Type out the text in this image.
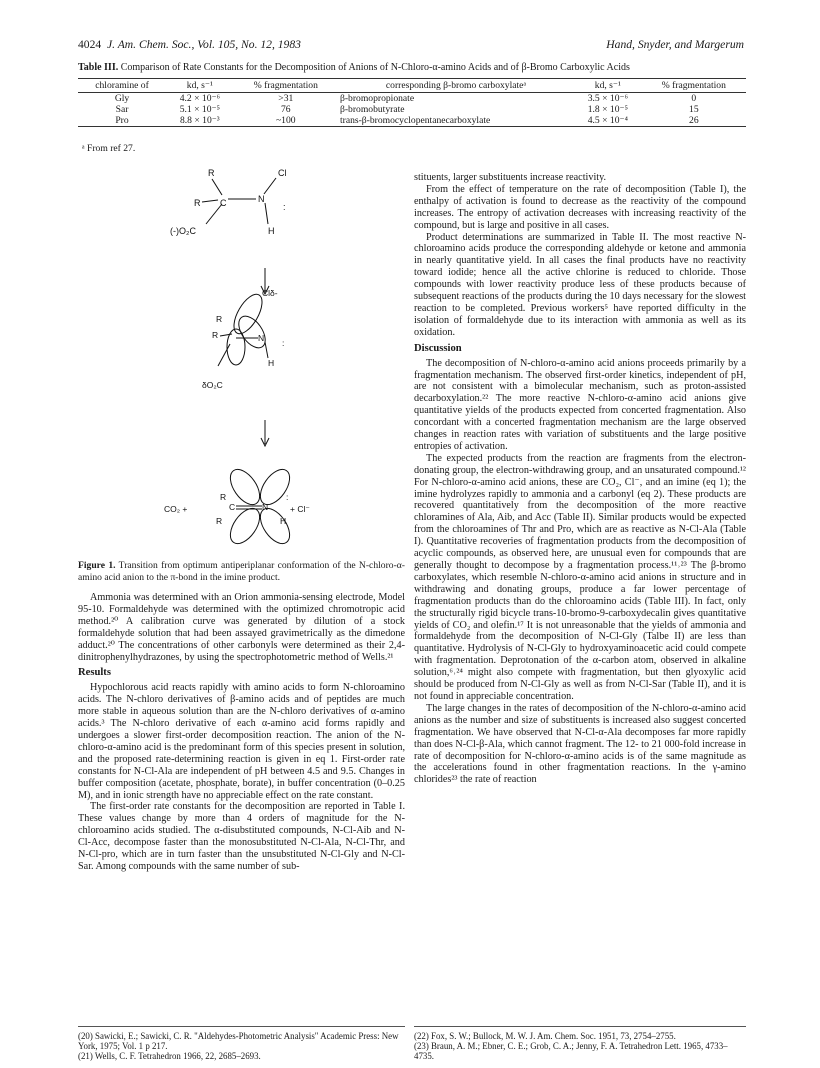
4024 J. Am. Chem. Soc., Vol. 105, No. 12, 1983	Hand, Snyder, and Margerum
Table III. Comparison of Rate Constants for the Decomposition of Anions of N-Chloro-α-amino Acids and of β-Bromo Carboxylic Acids
chloramine of	kd, s⁻¹	% fragmentation	corresponding β-bromo carboxylateᵃ	kd, s⁻¹	% fragmentation
Gly	4.2 × 10⁻⁶	>31	β-bromopropionate	3.5 × 10⁻⁶	0
Sar	5.1 × 10⁻⁵	76	β-bromobutyrate	1.8 × 10⁻⁵	15
Pro	8.8 × 10⁻³	~100	trans-β-bromocyclopentanecarboxylate	4.5 × 10⁻⁴	26
ᵃ From ref 27.
R	Cl
R C	N
:
(-)O₂C	H
Clδ-
R
R	N :
H
δO₂C
CO₂ +
R
R
C	N
:
+ Cl⁻
H
Figure 1. Transition from optimum antiperiplanar conformation of the N-chloro-α-amino acid anion to the π-bond in the imine product.

Ammonia was determined with an Orion ammonia-sensing electrode, Model 95-10. Formaldehyde was determined with the optimized chromotropic acid method.²⁰ A calibration curve was generated by dilution of a stock formaldehyde solution that had been assayed gravimetrically as the dimedone adduct.²⁰ The concentrations of other carbonyls were determined as their 2,4-dinitrophenylhydrazones, by using the spectrophotometric method of Wells.²¹

Results

Hypochlorous acid reacts rapidly with amino acids to form N-chloroamino acids. The N-chloro derivatives of β-amino acids and of peptides are much more stable in aqueous solution than are the N-chloro derivatives of α-amino acids.³ The N-chloro derivative of each α-amino acid forms rapidly and undergoes a slower first-order decomposition reaction. The anion of the N-chloro-α-amino acid is the predominant form of this species present in solution, and the proposed rate-determining reaction is given in eq 1. First-order rate constants for N-Cl-Ala are independent of pH between 4.5 and 9.5. Changes in buffer composition (acetate, phosphate, borate), in buffer concentration (0–0.25 M), and in ionic strength have no appreciable effect on the rate constant.

The first-order rate constants for the decomposition are reported in Table I. These values change by more than 4 orders of magnitude for the N-chloroamino acids studied. The α-disubstituted compounds, N-Cl-Aib and N-Cl-Acc, decompose faster than the monosubstituted N-Cl-Ala, N-Cl-Thr, and N-Cl-pro, which are in turn faster than the unsubstituted N-Cl-Gly and N-Cl-Sar. Among compounds with the same number of sub-

stituents, larger substituents increase reactivity.

From the effect of temperature on the rate of decomposition (Table I), the enthalpy of activation is found to decrease as the reactivity of the compound increases. The entropy of activation decreases with increasing reactivity of the compound, but is large and positive in all cases.

Product determinations are summarized in Table II. The most reactive N-chloroamino acids produce the corresponding aldehyde or ketone and ammonia in nearly quantitative yield. In all cases the final products have no reactivity toward iodide; hence all the active chlorine is reduced to chloride. Those compounds with lower reactivity produce less of these products because of subsequent reactions of the products during the 10 days necessary for the slowest reaction to be completed. Previous workers⁵ have reported difficulty in the isolation of formaldehyde due to its interaction with ammonia as well as its oxidation.

Discussion

The decomposition of N-chloro-α-amino acid anions proceeds primarily by a fragmentation mechanism. The observed first-order kinetics, independent of pH, are not consistent with a bimolecular mechanism, such as proton-assisted decarboxylation.²² The more reactive N-chloro-α-amino acid anions give quantitative yields of the products expected from concerted fragmentation. Also concordant with a concerted fragmentation mechanism are the large observed changes in reaction rates with variation of substituents and the large positive entropies of activation.

The expected products from the reaction are fragments from the electron-donating group, the electron-withdrawing group, and an unsaturated compound.¹² For N-chloro-α-amino acid anions, these are CO₂, Cl⁻, and an imine (eq 1); the imine hydrolyzes rapidly to ammonia and a carbonyl (eq 2). These products are recovered quantitatively from the decomposition of the more reactive chloramines of Ala, Aib, and Acc (Table II). Similar products would be expected from the chloroamines of Thr and Pro, which are as reactive as N-Cl-Ala (Table I). Quantitative recoveries of fragmentation products from the decomposition of acyclic compounds, as observed here, are unusual even for compounds that are generally thought to decompose by a fragmentation process.¹¹˒²³ The β-bromo carboxylates, which resemble N-chloro-α-amino acid anions in structure and in withdrawing and donating groups, produce a far lower percentage of fragmentation products than do the chloroamino acids (Table III). In fact, only the structurally rigid bicycle trans-10-bromo-9-carboxydecalin gives quantitative yields of CO₂ and olefin.¹⁷ It is not unreasonable that the yields of ammonia and formaldehyde from the decomposition of N-Cl-Gly (Talbe II) are less than quantitative. Hydrolysis of N-Cl-Gly to hydroxyaminoacetic acid could compete with fragmentation. Deprotonation of the α-carbon atom, observed in alkaline solution,⁶˒²⁴ might also compete with fragmentation, but then glyoxylic acid should be produced from N-Cl-Gly as well as from N-Cl-Sar (Table II), and it is not found in appreciable concentration.

The large changes in the rates of decomposition of the N-chloro-α-amino acid anions as the number and size of substituents is increased also suggest concerted fragmentation. We have observed that N-Cl-α-Ala decomposes far more rapidly than does N-Cl-β-Ala, which cannot fragment. The 12- to 21 000-fold increase in rate of decomposition for N-chloro-α-amino acids is of the same magnitude as the accelerations found in other fragmentation reactions. In the γ-amino chlorides²³ the rate of reaction

(20) Sawicki, E.; Sawicki, C. R. "Aldehydes-Photometric Analysis" Academic Press: New York, 1975; Vol. 1 p 217.

(21) Wells, C. F. Tetrahedron 1966, 22, 2685–2693.

(22) Fox, S. W.; Bullock, M. W. J. Am. Chem. Soc. 1951, 73, 2754–2755.

(23) Braun, A. M.; Ebner, C. E.; Grob, C. A.; Jenny, F. A. Tetrahedron Lett. 1965, 4733–4735.
